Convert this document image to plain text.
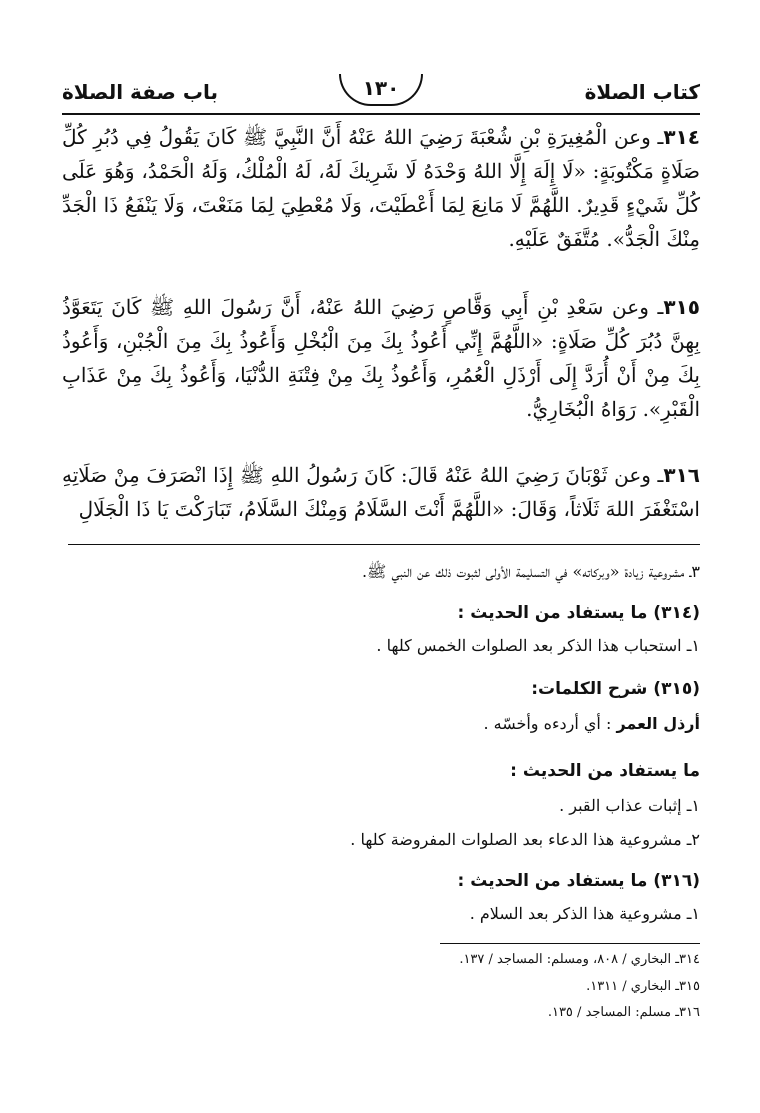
كتاب الصلاة
١٣٠
باب صفة الصلاة

٣١٤ـ وعن الْمُغِيرَةِ بْنِ شُعْبَةَ رَضِيَ اللهُ عَنْهُ أَنَّ النَّبِيَّ ﷺ كَانَ يَقُولُ فِي دُبُرِ كُلِّ صَلَاةٍ مَكْتُوبَةٍ: «لَا إِلَهَ إِلَّا اللهُ وَحْدَهُ لَا شَرِيكَ لَهُ، لَهُ الْمُلْكُ، وَلَهُ الْحَمْدُ، وَهُوَ عَلَى كُلِّ شَيْءٍ قَدِيرٌ. اللَّهُمَّ لَا مَانِعَ لِمَا أَعْطَيْتَ، وَلَا مُعْطِيَ لِمَا مَنَعْتَ، وَلَا يَنْفَعُ ذَا الْجَدِّ مِنْكَ الْجَدُّ». مُتَّفَقٌ عَلَيْهِ.

٣١٥ـ وعن سَعْدِ بْنِ أَبِي وَقَّاصٍ رَضِيَ اللهُ عَنْهُ، أَنَّ رَسُولَ اللهِ ﷺ كَانَ يَتَعَوَّذُ بِهِنَّ دُبُرَ كُلِّ صَلَاةٍ: «اللَّهُمَّ إِنِّي أَعُوذُ بِكَ مِنَ الْبُخْلِ وَأَعُوذُ بِكَ مِنَ الْجُبْنِ، وَأَعُوذُ بِكَ مِنْ أَنْ أُرَدَّ إِلَى أَرْذَلِ الْعُمُرِ، وَأَعُوذُ بِكَ مِنْ فِتْنَةِ الدُّنْيَا، وَأَعُوذُ بِكَ مِنْ عَذَابِ الْقَبْرِ». رَوَاهُ الْبُخَارِيُّ.

٣١٦ـ وعن ثَوْبَانَ رَضِيَ اللهُ عَنْهُ قَالَ: كَانَ رَسُولُ اللهِ ﷺ إِذَا انْصَرَفَ مِنْ صَلَاتِهِ اسْتَغْفَرَ اللهَ ثَلَاثاً، وَقَالَ: «اللَّهُمَّ أَنْتَ السَّلَامُ وَمِنْكَ السَّلَامُ، تَبَارَكْتَ يَا ذَا الْجَلَالِ

٣ـ مشروعية زيادة «وبركاته» في التسليمة الأولى لثبوت ذلك عن النبي ﷺ.

(٣١٤) ما يستفاد من الحديث :

١ـ استحباب هذا الذكر بعد الصلوات الخمس كلها .

(٣١٥) شرح الكلمات:

أرذل العمر : أي أردءه وأخسّه .

ما يستفاد من الحديث :

١ـ إثبات عذاب القبر .

٢ـ مشروعية هذا الدعاء بعد الصلوات المفروضة كلها .

(٣١٦) ما يستفاد من الحديث :

١ـ مشروعية هذا الذكر بعد السلام .

٣١٤ـ البخاري / ٨٠٨، ومسلم: المساجد / ١٣٧.

٣١٥ـ البخاري / ١٣١١.

٣١٦ـ مسلم: المساجد / ١٣٥.
